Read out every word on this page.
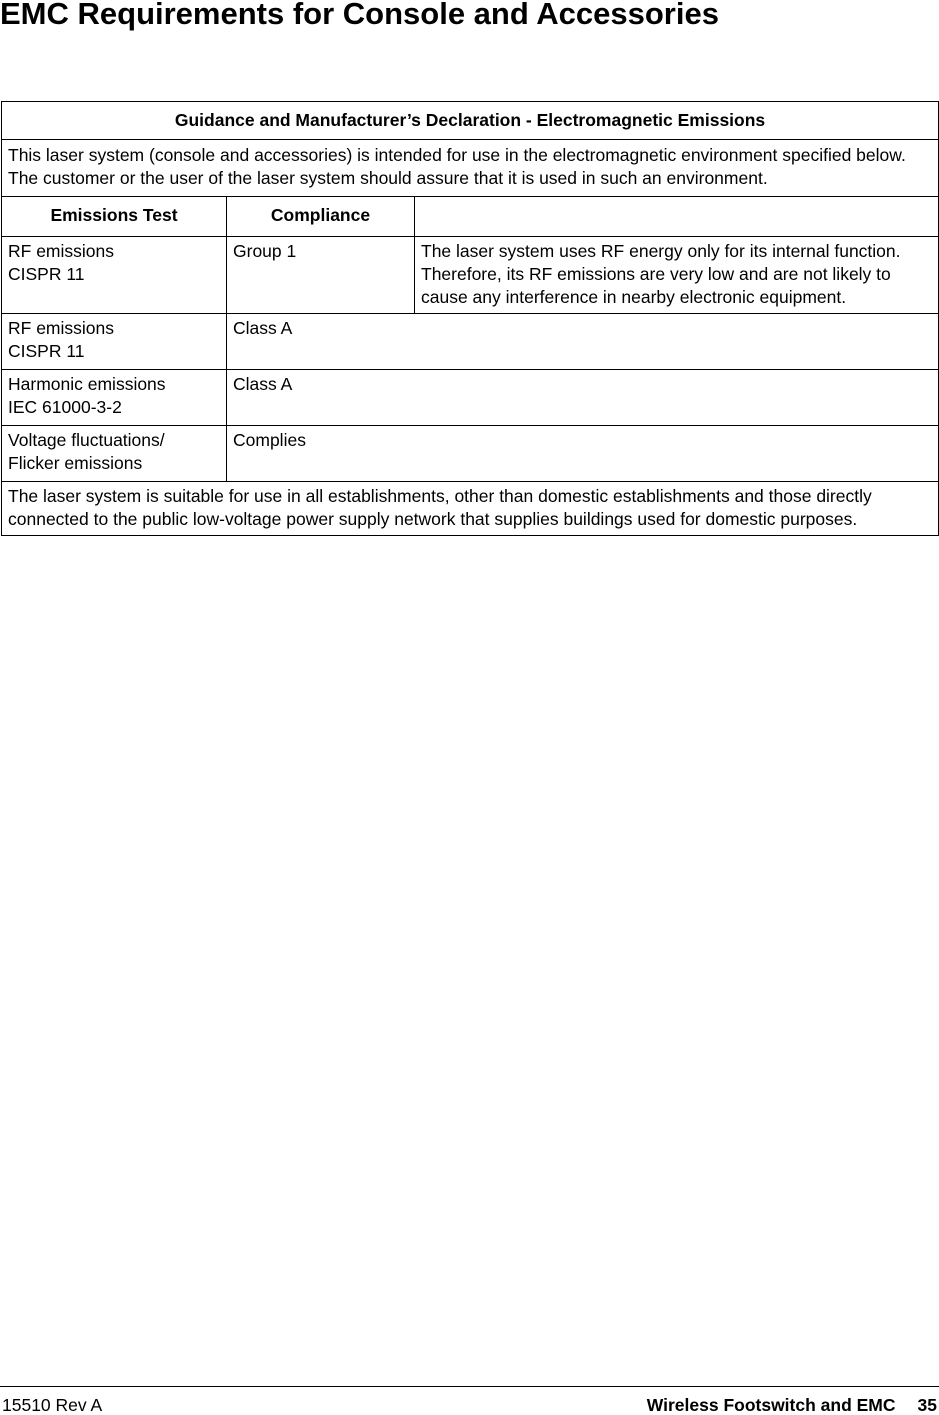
EMC Requirements for Console and Accessories
Guidance and Manufacturer’s Declaration - Electromagnetic Emissions		
This laser system (console and accessories) is intended for use in the electromagnetic environment specified below. The customer or the user of the laser system should assure that it is used in such an environment.		
Emissions Test	Compliance	

RF emissions
CISPR 11	Group 1	The laser system uses RF energy only for its internal function. Therefore, its RF emissions are very low and are not likely to cause any interference in nearby electronic equipment.

RF emissions
CISPR 11	Class A	

Harmonic emissions
IEC 61000-3-2	Class A	

Voltage fluctuations/
Flicker emissions	Complies	
The laser system is suitable for use in all establishments, other than domestic establishments and those directly connected to the public low-voltage power supply network that supplies buildings used for domestic purposes.		
15510 Rev A	Wireless Footswitch and EMC 35
